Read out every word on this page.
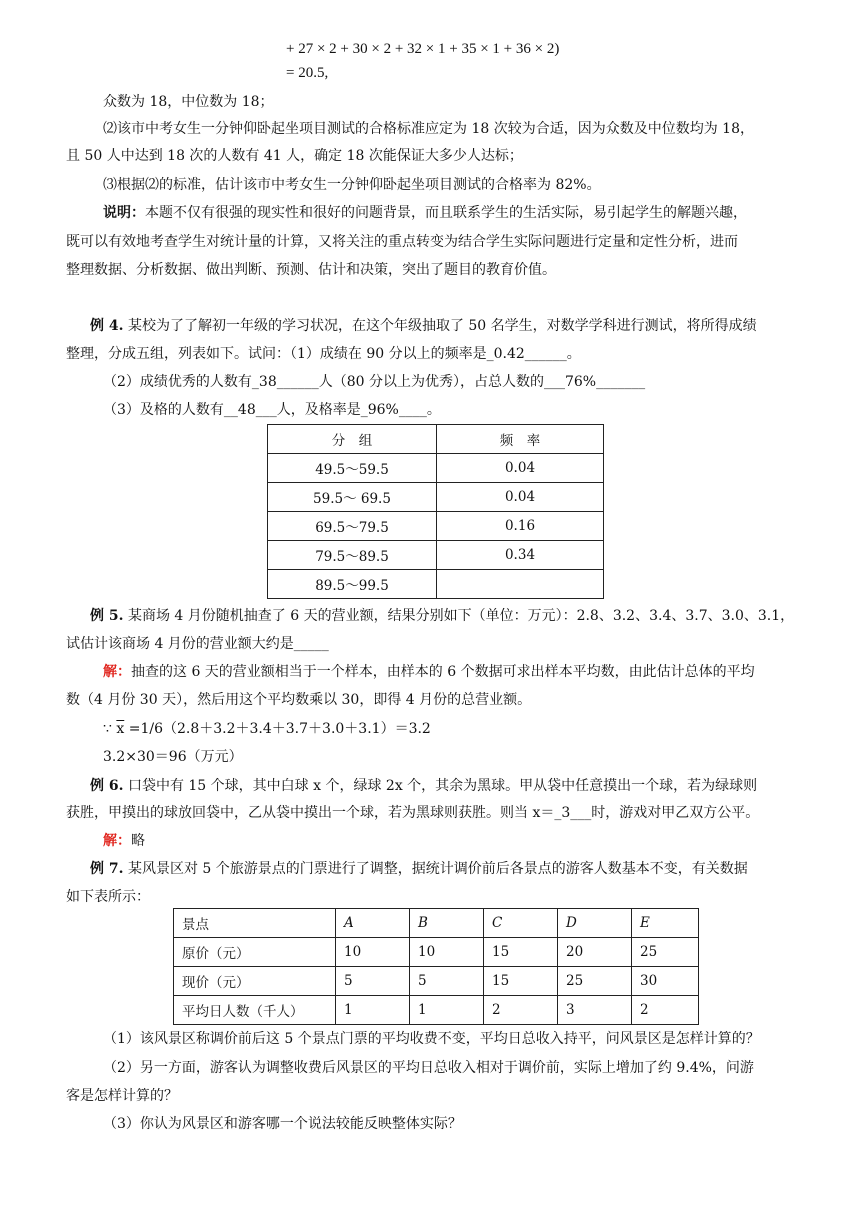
+ 27 × 2 + 30 × 2 + 32 × 1 + 35 × 1 + 36 × 2)
= 20.5,
众数为 18，中位数为 18；
⑵该市中考女生一分钟仰卧起坐项目测试的合格标准应定为 18 次较为合适，因为众数及中位数均为 18，
且 50 人中达到 18 次的人数有 41 人，确定 18 次能保证大多少人达标；
⑶根据⑵的标准，估计该市中考女生一分钟仰卧起坐项目测试的合格率为 82%。
说明：本题不仅有很强的现实性和很好的问题背景，而且联系学生的生活实际，易引起学生的解题兴趣，
既可以有效地考查学生对统计量的计算，又将关注的重点转变为结合学生实际问题进行定量和定性分析，进而
整理数据、分析数据、做出判断、预测、估计和决策，突出了题目的教育价值。
例 4. 某校为了了解初一年级的学习状况，在这个年级抽取了 50 名学生，对数学学科进行测试，将所得成绩
整理，分成五组，列表如下。试问：（1）成绩在 90 分以上的频率是_0.42______。
（2）成绩优秀的人数有_38______人（80 分以上为优秀），占总人数的___76%_______
（3）及格的人数有__48___人，及格率是_96%____。
分　组	频　率
49.5～59.5	0.04
59.5～ 69.5	0.04
69.5～79.5	0.16
79.5～89.5	0.34
89.5～99.5	
例 5. 某商场 4 月份随机抽查了 6 天的营业额，结果分别如下（单位：万元）：2.8、3.2、3.4、3.7、3.0、3.1，
试估计该商场 4 月份的营业额大约是_____
解：抽查的这 6 天的营业额相当于一个样本，由样本的 6 个数据可求出样本平均数，由此估计总体的平均
数（4 月份 30 天），然后用这个平均数乘以 30，即得 4 月份的总营业额。
∵ $\overline{x} =1/6(2.8+3.2+3.4+3.7+3.0+3.1)=3.2$
3.2×30＝96（万元）
例 6. 口袋中有 15 个球，其中白球 x 个，绿球 2x 个，其余为黑球。甲从袋中任意摸出一个球，若为绿球则
获胜，甲摸出的球放回袋中，乙从袋中摸出一个球，若为黑球则获胜。则当 x＝_3___时，游戏对甲乙双方公平。
解：略
例 7. 某风景区对 5 个旅游景点的门票进行了调整，据统计调价前后各景点的游客人数基本不变，有关数据
如下表所示：
景点	A	B	C	D	E
原价（元）	10	10	15	20	25
现价（元）	5	5	15	25	30
平均日人数（千人）	1	1	2	3	2
（1）该风景区称调价前后这 5 个景点门票的平均收费不变，平均日总收入持平，问风景区是怎样计算的？
（2）另一方面，游客认为调整收费后风景区的平均日总收入相对于调价前，实际上增加了约 9.4%，问游
客是怎样计算的？
（3）你认为风景区和游客哪一个说法较能反映整体实际？
